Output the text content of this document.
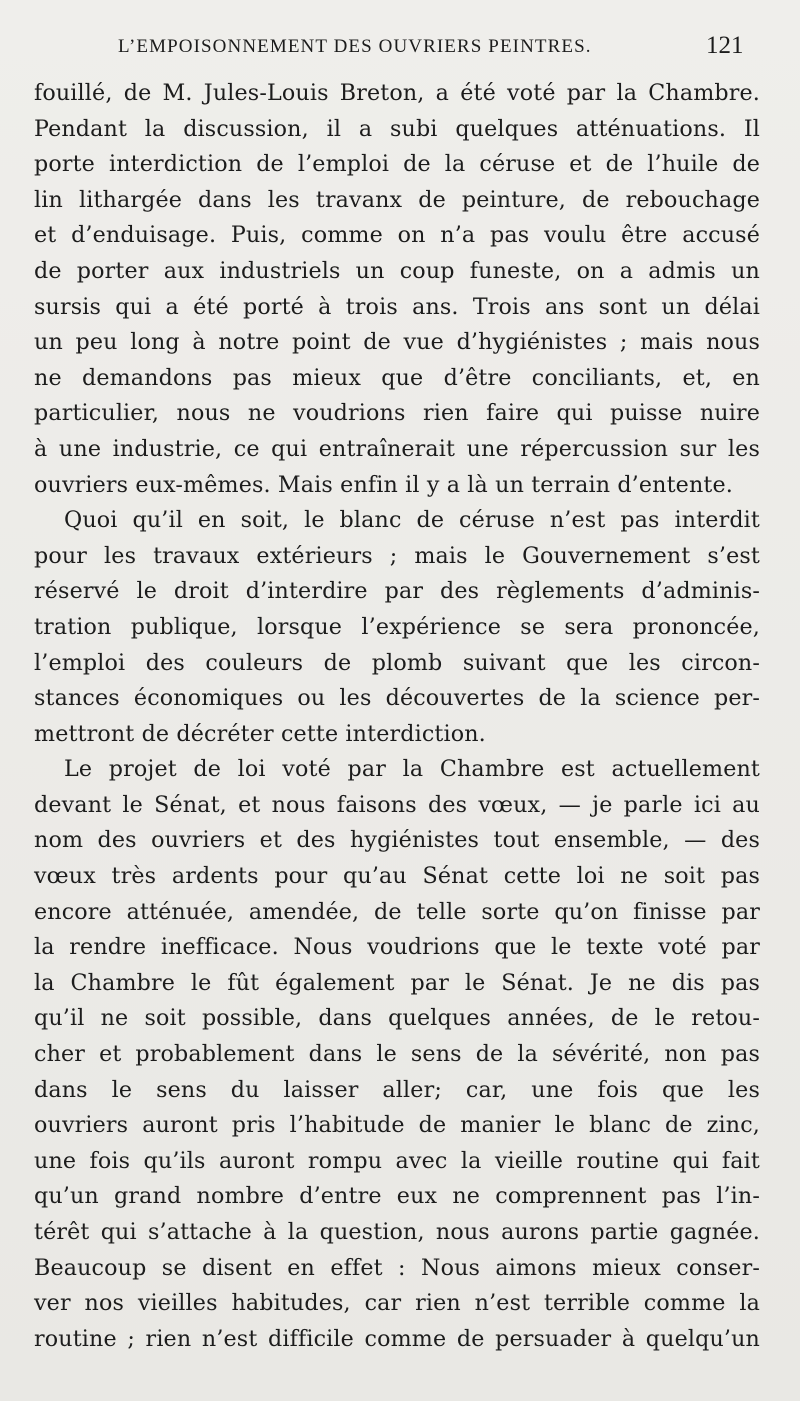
L’EMPOISONNEMENT DES OUVRIERS PEINTRES.	121
fouillé, de M. Jules-Louis Breton, a été voté par la Chambre.
Pendant la discussion, il a subi quelques atténuations. Il
porte interdiction de l’emploi de la céruse et de l’huile de
lin lithargée dans les travanx de peinture, de rebouchage
et d’enduisage. Puis, comme on n’a pas voulu être accusé
de porter aux industriels un coup funeste, on a admis un
sursis qui a été porté à trois ans. Trois ans sont un délai
un peu long à notre point de vue d’hygiénistes ; mais nous
ne demandons pas mieux que d’être conciliants, et, en
particulier, nous ne voudrions rien faire qui puisse nuire
à une industrie, ce qui entraînerait une répercussion sur les
ouvriers eux-mêmes. Mais enfin il y a là un terrain d’entente.
Quoi qu’il en soit, le blanc de céruse n’est pas interdit
pour les travaux extérieurs ; mais le Gouvernement s’est
réservé le droit d’interdire par des règlements d’adminis-
tration publique, lorsque l’expérience se sera prononcée,
l’emploi des couleurs de plomb suivant que les circon-
stances économiques ou les découvertes de la science per-
mettront de décréter cette interdiction.
Le projet de loi voté par la Chambre est actuellement
devant le Sénat, et nous faisons des vœux, — je parle ici au
nom des ouvriers et des hygiénistes tout ensemble, — des
vœux très ardents pour qu’au Sénat cette loi ne soit pas
encore atténuée, amendée, de telle sorte qu’on finisse par
la rendre inefficace. Nous voudrions que le texte voté par
la Chambre le fût également par le Sénat. Je ne dis pas
qu’il ne soit possible, dans quelques années, de le retou-
cher et probablement dans le sens de la sévérité, non pas
dans le sens du laisser aller; car, une fois que les
ouvriers auront pris l’habitude de manier le blanc de zinc,
une fois qu’ils auront rompu avec la vieille routine qui fait
qu’un grand nombre d’entre eux ne comprennent pas l’in-
térêt qui s’attache à la question, nous aurons partie gagnée.
Beaucoup se disent en effet : Nous aimons mieux conser-
ver nos vieilles habitudes, car rien n’est terrible comme la
routine ; rien n’est difficile comme de persuader à quelqu’un
